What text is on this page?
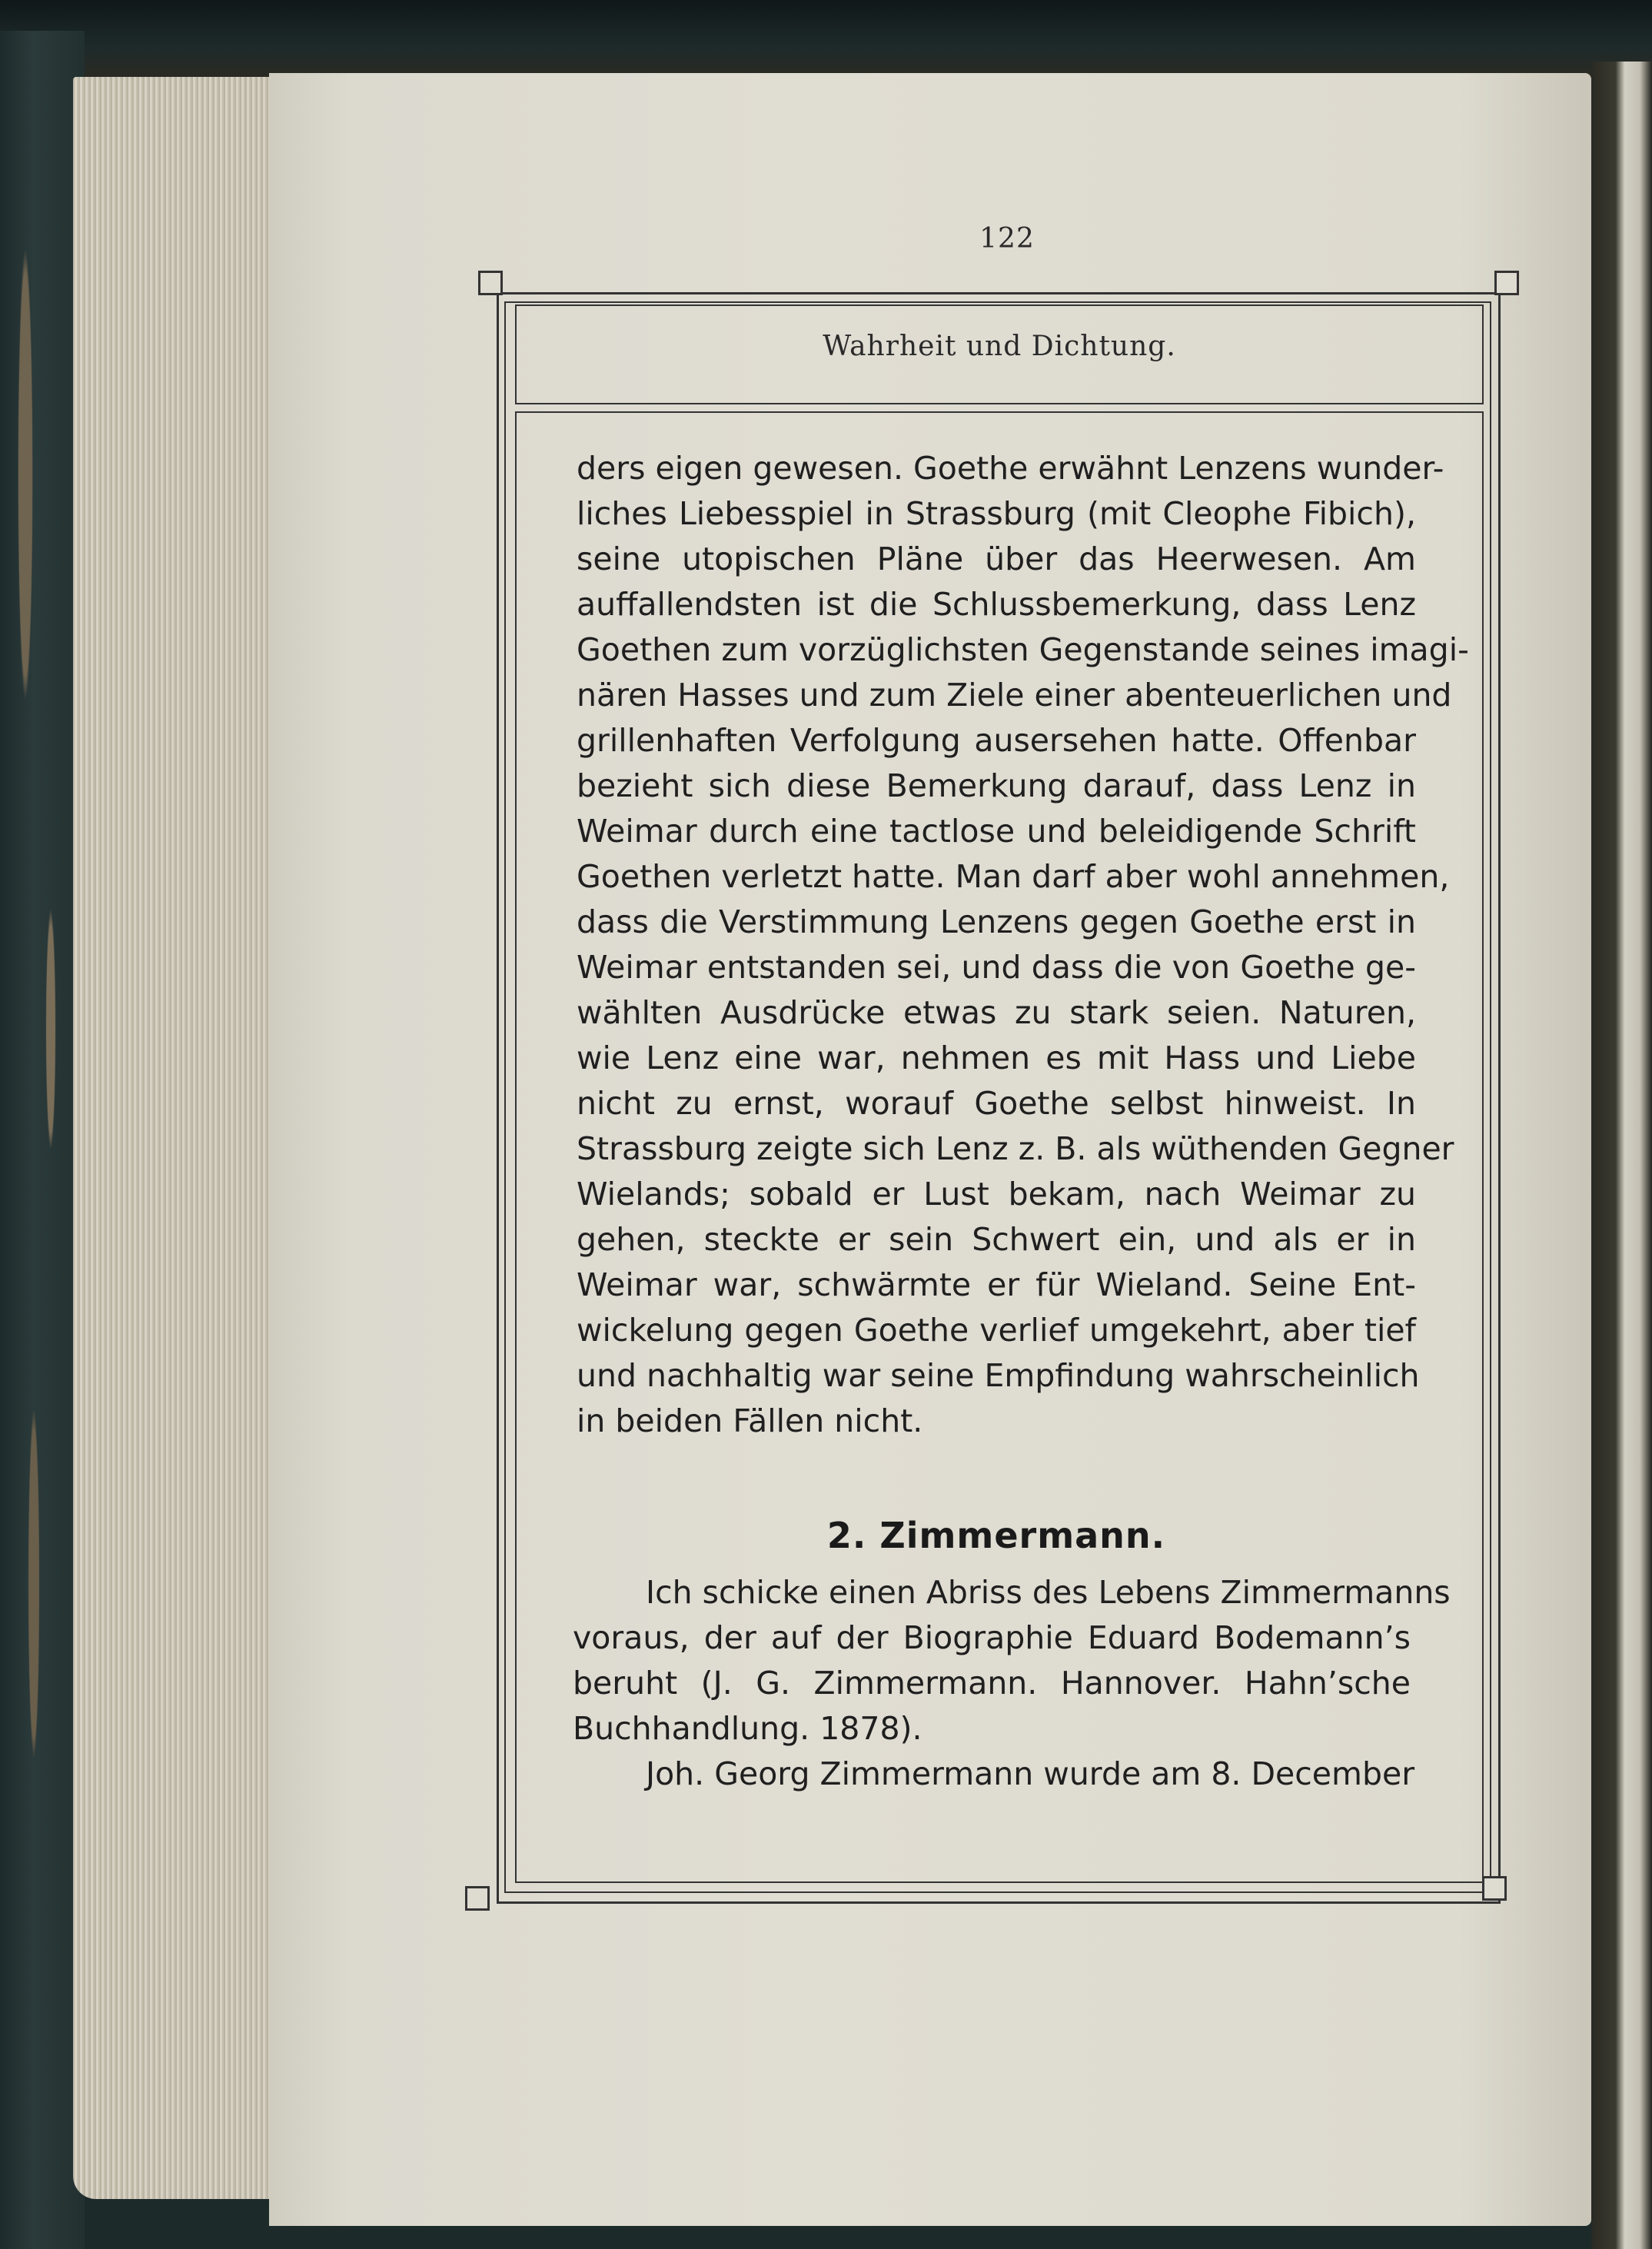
122
Wahrheit und Dichtung.
ders eigen gewesen. Goethe erwähnt Lenzens wunder-
liches Liebesspiel in Strassburg (mit Cleophe Fibich),
seine utopischen Pläne über das Heerwesen. Am
auffallendsten ist die Schlussbemerkung, dass Lenz
Goethen zum vorzüglichsten Gegenstande seines imagi-
nären Hasses und zum Ziele einer abenteuerlichen und
grillenhaften Verfolgung ausersehen hatte. Offenbar
bezieht sich diese Bemerkung darauf, dass Lenz in
Weimar durch eine tactlose und beleidigende Schrift
Goethen verletzt hatte. Man darf aber wohl annehmen,
dass die Verstimmung Lenzens gegen Goethe erst in
Weimar entstanden sei, und dass die von Goethe ge-
wählten Ausdrücke etwas zu stark seien. Naturen,
wie Lenz eine war, nehmen es mit Hass und Liebe
nicht zu ernst, worauf Goethe selbst hinweist. In
Strassburg zeigte sich Lenz z. B. als wüthenden Gegner
Wielands; sobald er Lust bekam, nach Weimar zu
gehen, steckte er sein Schwert ein, und als er in
Weimar war, schwärmte er für Wieland. Seine Ent-
wickelung gegen Goethe verlief umgekehrt, aber tief
und nachhaltig war seine Empfindung wahrscheinlich
in beiden Fällen nicht.
2. Zimmermann.
Ich schicke einen Abriss des Lebens Zimmermanns
voraus, der auf der Biographie Eduard Bodemann’s
beruht (J. G. Zimmermann. Hannover. Hahn’sche
Buchhandlung. 1878).
Joh. Georg Zimmermann wurde am 8. December
